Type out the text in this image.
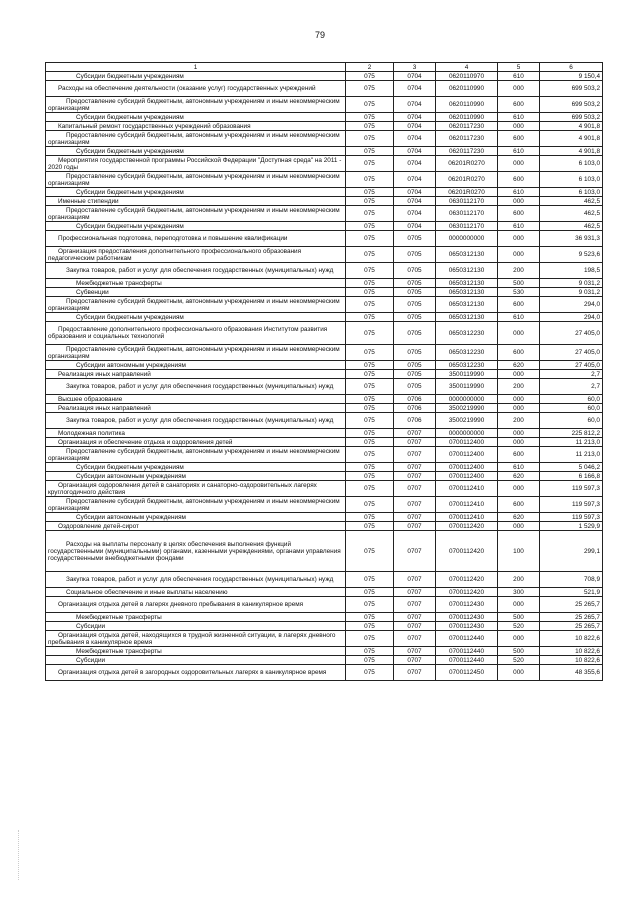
79
1	2	3	4	5	6
Субсидии бюджетным учреждениям	075	0704	0620110970	610	9 150,4
Расходы на обеспечение деятельности (оказание услуг) государственных учреждений	075	0704	0620110990	000	699 503,2
Предоставление субсидий бюджетным, автономным учреждениям и иным некоммерческим организациям	075	0704	0620110990	600	699 503,2
Субсидии бюджетным учреждениям	075	0704	0620110990	610	699 503,2
Капитальный ремонт государственных учреждений образования	075	0704	0620117230	000	4 901,8
Предоставление субсидий бюджетным, автономным учреждениям и иным некоммерческим организациям	075	0704	0620117230	600	4 901,8
Субсидии бюджетным учреждениям	075	0704	0620117230	610	4 901,8
Мероприятия государственной программы Российской Федерации "Доступная среда" на 2011 - 2020 годы	075	0704	06201R0270	000	6 103,0
Предоставление субсидий бюджетным, автономным учреждениям и иным некоммерческим организациям	075	0704	06201R0270	600	6 103,0
Субсидии бюджетным учреждениям	075	0704	06201R0270	610	6 103,0
Именные стипендии	075	0704	0630112170	000	462,5
Предоставление субсидий бюджетным, автономным учреждениям и иным некоммерческим организациям	075	0704	0630112170	600	462,5
Субсидии бюджетным учреждениям	075	0704	0630112170	610	462,5
Профессиональная подготовка, переподготовка и повышение квалификации	075	0705	0000000000	000	36 931,3
Организация предоставления дополнительного профессионального образования педагогическим работникам	075	0705	0650312130	000	9 523,6
Закупка товаров, работ и услуг для обеспечения государственных (муниципальных) нужд	075	0705	0650312130	200	198,5
Межбюджетные трансферты	075	0705	0650312130	500	9 031,2
Субвенции	075	0705	0650312130	530	9 031,2
Предоставление субсидий бюджетным, автономным учреждениям и иным некоммерческим организациям	075	0705	0650312130	600	294,0
Субсидии бюджетным учреждениям	075	0705	0650312130	610	294,0
Предоставление дополнительного профессионального образования Институтом развития образования и социальных технологий	075	0705	0650312230	000	27 405,0
Предоставление субсидий бюджетным, автономным учреждениям и иным некоммерческим организациям	075	0705	0650312230	600	27 405,0
Субсидии автономным учреждениям	075	0705	0650312230	620	27 405,0
Реализация иных направлений	075	0705	3500119990	000	2,7
Закупка товаров, работ и услуг для обеспечения государственных (муниципальных) нужд	075	0705	3500119990	200	2,7
Высшее образование	075	0706	0000000000	000	60,0
Реализация иных направлений	075	0706	3500219990	000	60,0
Закупка товаров, работ и услуг для обеспечения государственных (муниципальных) нужд	075	0706	3500219990	200	60,0
Молодежная политика	075	0707	0000000000	000	225 812,2
Организация и обеспечение отдыха и оздоровления детей	075	0707	0700112400	000	11 213,0
Предоставление субсидий бюджетным, автономным учреждениям и иным некоммерческим организациям	075	0707	0700112400	600	11 213,0
Субсидии бюджетным учреждениям	075	0707	0700112400	610	5 046,2
Субсидии автономным учреждениям	075	0707	0700112400	620	6 166,8
Организация оздоровления детей в санаториях и санаторно-оздоровительных лагерях круглогодичного действия	075	0707	0700112410	000	119 597,3
Предоставление субсидий бюджетным, автономным учреждениям и иным некоммерческим организациям	075	0707	0700112410	600	119 597,3
Субсидии автономным учреждениям	075	0707	0700112410	620	119 597,3
Оздоровление детей-сирот	075	0707	0700112420	000	1 529,9
Расходы на выплаты персоналу в целях обеспечения выполнения функций государственными (муниципальными) органами, казенными учреждениями, органами управления государственными внебюджетными фондами	075	0707	0700112420	100	299,1
Закупка товаров, работ и услуг для обеспечения государственных (муниципальных) нужд	075	0707	0700112420	200	708,9
Социальное обеспечение и иные выплаты населению	075	0707	0700112420	300	521,9
Организация отдыха детей в лагерях дневного пребывания в каникулярное время	075	0707	0700112430	000	25 265,7
Межбюджетные трансферты	075	0707	0700112430	500	25 265,7
Субсидии	075	0707	0700112430	520	25 265,7
Организация отдыха детей, находящихся в трудной жизненной ситуации, в лагерях дневного пребывания в каникулярное время	075	0707	0700112440	000	10 822,6
Межбюджетные трансферты	075	0707	0700112440	500	10 822,6
Субсидии	075	0707	0700112440	520	10 822,6
Организация отдыха детей в загородных оздоровительных лагерях в каникулярное время	075	0707	0700112450	000	48 355,6
